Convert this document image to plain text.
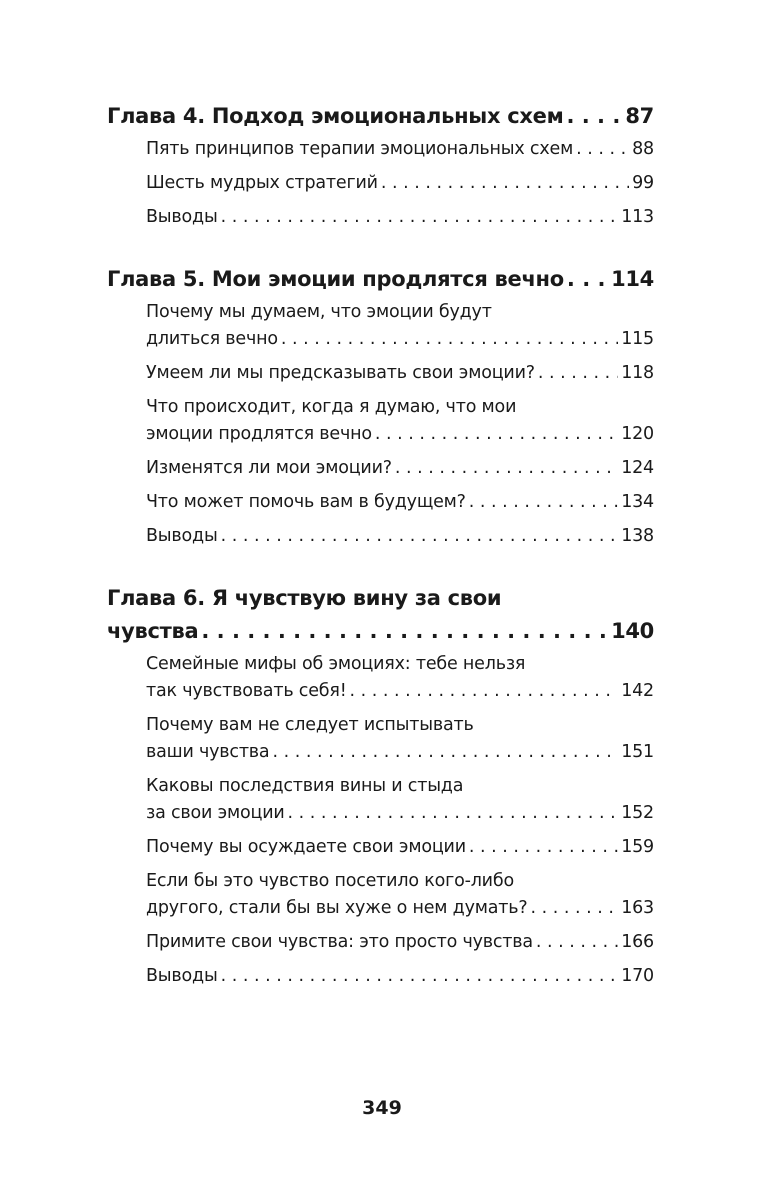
Глава 4. Подход эмоциональных схем . . .	87
Пять принципов терапии эмоциональных схем . . .	88
Шесть мудрых стратегий . . .	99
Выводы . . .	113
Глава 5. Мои эмоции продлятся вечно . . . 114
Почему мы думаем, что эмоции будут
длиться вечно . . .	115
Умеем ли мы предсказывать свои эмоции? . . .	118
Что происходит, когда я думаю, что мои
эмоции продлятся вечно . . .	120
Изменятся ли мои эмоции? . . .	124
Что может помочь вам в будущем? . . .	134
Выводы . . .	138
Глава 6. Я чувствую вину за свои
чувства . . .	140
Семейные мифы об эмоциях: тебе нельзя
так чувствовать себя! . . .	142
Почему вам не следует испытывать
ваши чувства . . .	151
Каковы последствия вины и стыда
за свои эмоции . . .	152
Почему вы осуждаете свои эмоции . . .	159
Если бы это чувство посетило кого-либо
другого, стали бы вы хуже о нем думать? . . .	163
Примите свои чувства: это просто чувства . . .	166
Выводы . . .	170
349
